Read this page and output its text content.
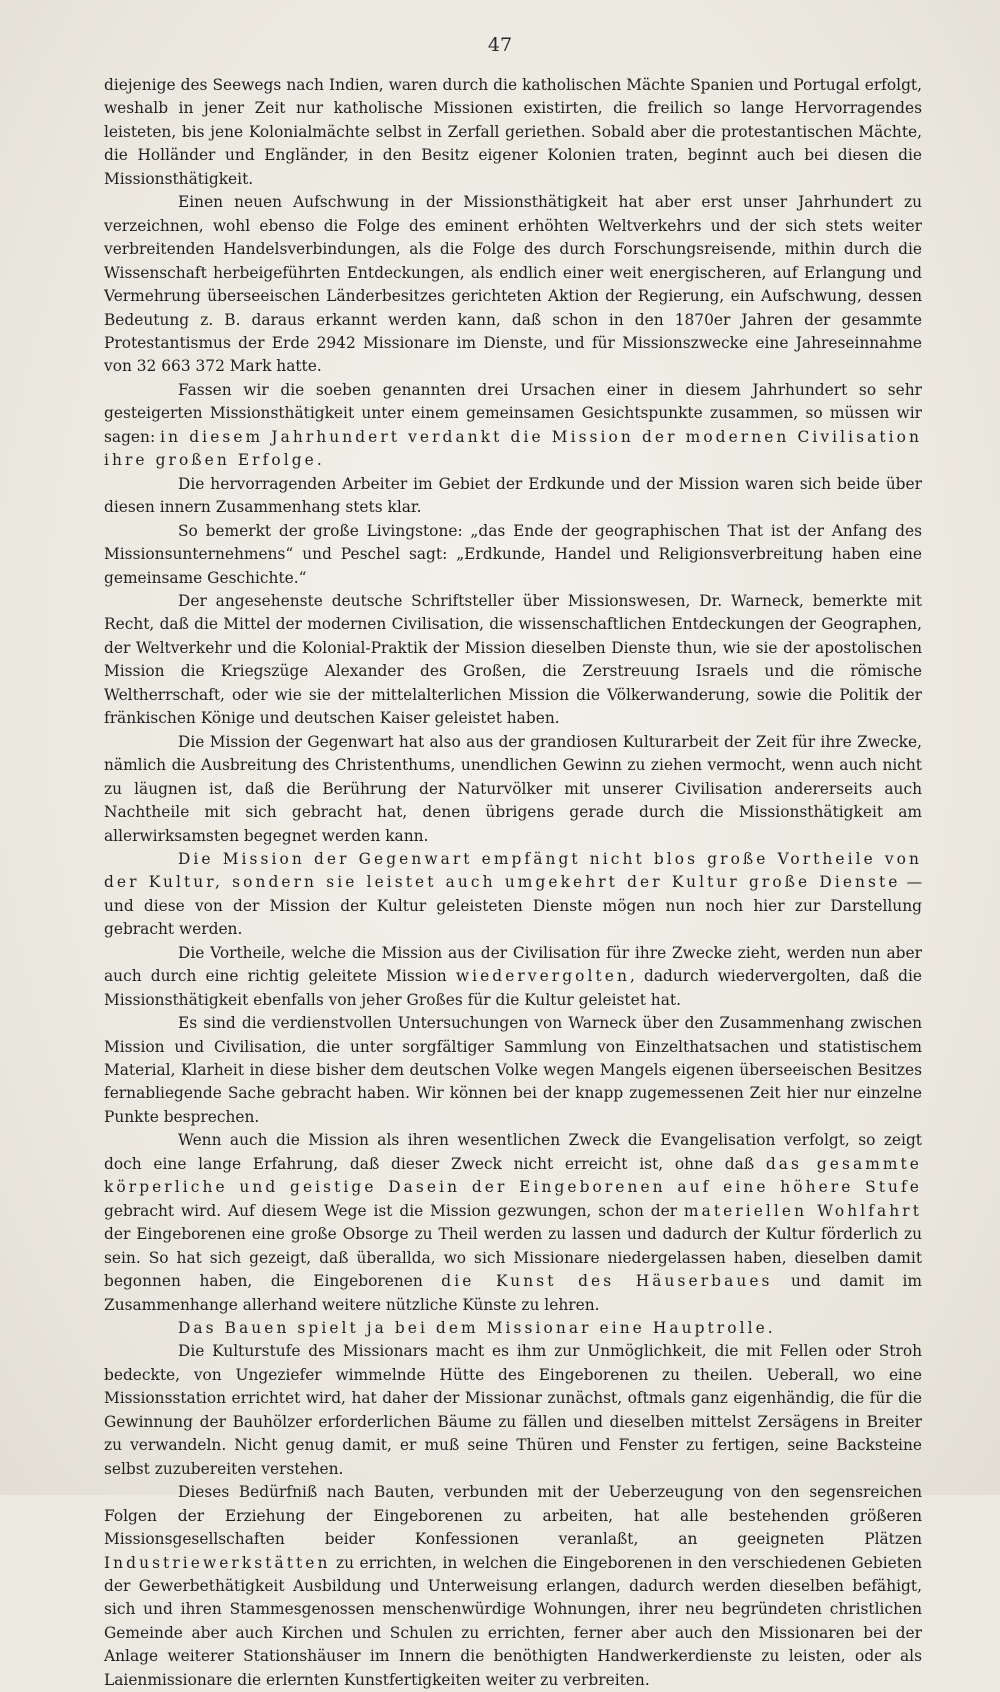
47

diejenige des Seewegs nach Indien, waren durch die katholischen Mächte Spanien und Portugal erfolgt, weshalb in jener Zeit nur katholische Missionen existirten, die freilich so lange Hervorragendes leisteten, bis jene Kolonialmächte selbst in Zerfall geriethen. Sobald aber die protestantischen Mächte, die Holländer und Engländer, in den Besitz eigener Kolonien traten, beginnt auch bei diesen die Missionsthätigkeit.

Einen neuen Aufschwung in der Missionsthätigkeit hat aber erst unser Jahrhundert zu verzeichnen, wohl ebenso die Folge des eminent erhöhten Weltverkehrs und der sich stets weiter verbreitenden Handelsverbindungen, als die Folge des durch Forschungsreisende, mithin durch die Wissenschaft herbeigeführten Entdeckungen, als endlich einer weit energischeren, auf Erlangung und Vermehrung überseeischen Länderbesitzes gerichteten Aktion der Regierung, ein Aufschwung, dessen Bedeutung z. B. daraus erkannt werden kann, daß schon in den 1870er Jahren der gesammte Protestantismus der Erde 2942 Missionare im Dienste, und für Missionszwecke eine Jahreseinnahme von 32 663 372 Mark hatte.

Fassen wir die soeben genannten drei Ursachen einer in diesem Jahrhundert so sehr gesteigerten Missionsthätigkeit unter einem gemeinsamen Gesichtspunkte zusammen, so müssen wir sagen: in diesem Jahrhundert verdankt die Mission der modernen Civilisation ihre großen Erfolge.

Die hervorragenden Arbeiter im Gebiet der Erdkunde und der Mission waren sich beide über diesen innern Zusammenhang stets klar.

So bemerkt der große Livingstone: „das Ende der geographischen That ist der Anfang des Missionsunternehmens“ und Peschel sagt: „Erdkunde, Handel und Religionsverbreitung haben eine gemeinsame Geschichte.“

Der angesehenste deutsche Schriftsteller über Missionswesen, Dr. Warneck, bemerkte mit Recht, daß die Mittel der modernen Civilisation, die wissenschaftlichen Entdeckungen der Geographen, der Weltverkehr und die Kolonial-Praktik der Mission dieselben Dienste thun, wie sie der apostolischen Mission die Kriegszüge Alexander des Großen, die Zerstreuung Israels und die römische Weltherrschaft, oder wie sie der mittelalterlichen Mission die Völkerwanderung, sowie die Politik der fränkischen Könige und deutschen Kaiser geleistet haben.

Die Mission der Gegenwart hat also aus der grandiosen Kulturarbeit der Zeit für ihre Zwecke, nämlich die Ausbreitung des Christenthums, unendlichen Gewinn zu ziehen vermocht, wenn auch nicht zu läugnen ist, daß die Berührung der Naturvölker mit unserer Civilisation andererseits auch Nachtheile mit sich gebracht hat, denen übrigens gerade durch die Missionsthätigkeit am allerwirksamsten begegnet werden kann.

Die Mission der Gegenwart empfängt nicht blos große Vortheile von der Kultur, sondern sie leistet auch umgekehrt der Kultur große Dienste — und diese von der Mission der Kultur geleisteten Dienste mögen nun noch hier zur Darstellung gebracht werden.

Die Vortheile, welche die Mission aus der Civilisation für ihre Zwecke zieht, werden nun aber auch durch eine richtig geleitete Mission wiedervergolten, dadurch wiedervergolten, daß die Missionsthätigkeit ebenfalls von jeher Großes für die Kultur geleistet hat.

Es sind die verdienstvollen Untersuchungen von Warneck über den Zusammenhang zwischen Mission und Civilisation, die unter sorgfältiger Sammlung von Einzelthatsachen und statistischem Material, Klarheit in diese bisher dem deutschen Volke wegen Mangels eigenen überseeischen Besitzes fernabliegende Sache gebracht haben. Wir können bei der knapp zugemessenen Zeit hier nur einzelne Punkte besprechen.

Wenn auch die Mission als ihren wesentlichen Zweck die Evangelisation verfolgt, so zeigt doch eine lange Erfahrung, daß dieser Zweck nicht erreicht ist, ohne daß das gesammte körperliche und geistige Dasein der Eingeborenen auf eine höhere Stufe gebracht wird. Auf diesem Wege ist die Mission gezwungen, schon der materiellen Wohlfahrt der Eingeborenen eine große Obsorge zu Theil werden zu lassen und dadurch der Kultur förderlich zu sein. So hat sich gezeigt, daß überallda, wo sich Missionare niedergelassen haben, dieselben damit begonnen haben, die Eingeborenen die Kunst des Häuserbaues und damit im Zusammenhange allerhand weitere nützliche Künste zu lehren.

Das Bauen spielt ja bei dem Missionar eine Hauptrolle.

Die Kulturstufe des Missionars macht es ihm zur Unmöglichkeit, die mit Fellen oder Stroh bedeckte, von Ungeziefer wimmelnde Hütte des Eingeborenen zu theilen. Ueberall, wo eine Missionsstation errichtet wird, hat daher der Missionar zunächst, oftmals ganz eigenhändig, die für die Gewinnung der Bauhölzer erforderlichen Bäume zu fällen und dieselben mittelst Zersägens in Breiter zu verwandeln. Nicht genug damit, er muß seine Thüren und Fenster zu fertigen, seine Backsteine selbst zuzubereiten verstehen.

Dieses Bedürfniß nach Bauten, verbunden mit der Ueberzeugung von den segensreichen Folgen der Erziehung der Eingeborenen zu arbeiten, hat alle bestehenden größeren Missionsgesellschaften beider Konfessionen veranlaßt, an geeigneten Plätzen Industriewerkstätten zu errichten, in welchen die Eingeborenen in den verschiedenen Gebieten der Gewerbethätigkeit Ausbildung und Unterweisung erlangen, dadurch werden dieselben befähigt, sich und ihren Stammesgenossen menschenwürdige Wohnungen, ihrer neu begründeten christlichen Gemeinde aber auch Kirchen und Schulen zu errichten, ferner aber auch den Missionaren bei der Anlage weiterer Stationshäuser im Innern die benöthigten Handwerkerdienste zu leisten, oder als Laienmissionare die erlernten Kunstfertigkeiten weiter zu verbreiten.
